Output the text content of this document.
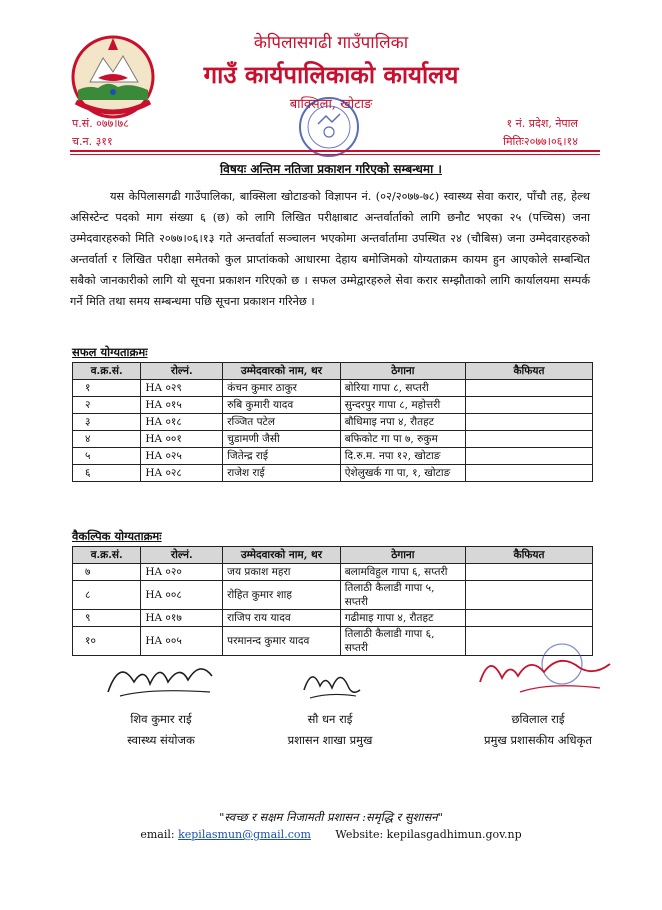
केपिलासगढी गाउँपालिका
गाउँ कार्यपालिकाको कार्यालय
बाक्सिला, खोटाङ
प.सं. ०७७।७८
च.न. ३११
१ नं. प्रदेश, नेपाल
मितिः२०७७।०६।१४
विषयः अन्तिम नतिजा प्रकाशन गरिएको सम्बन्धमा ।
यस केपिलासगढी गाउँपालिका, बाक्सिला खोटाङको विज्ञापन नं. (०२/२०७७-७८) स्वास्थ्य सेवा करार, पाँचौ तह, हेल्थ असिस्टेन्ट पदको माग संख्या ६ (छ) को लागि लिखित परीक्षाबाट अन्तर्वार्ताको लागि छनौट भएका २५ (पच्चिस) जना उम्मेदवारहरुको मिति २०७७।०६।१३ गते अन्तर्वार्ता सञ्चालन भएकोमा अन्तर्वार्तामा उपस्थित २४ (चौबिस) जना उम्मेदवारहरुको अन्तर्वार्ता र लिखित परीक्षा समेतको कुल प्राप्तांकको आधारमा देहाय बमोजिमको योग्यताक्रम कायम हुन आएकोले सम्बन्धित सबैको जानकारीको लागि यो सूचना प्रकाशन गरिएको छ । सफल उम्मेद्वारहरुले सेवा करार सम्झौताको लागि कार्यालयमा सम्पर्क गर्ने मिति तथा समय सम्बन्धमा पछि सूचना प्रकाशन गरिनेछ ।
सफल योग्यताक्रमः
व.क्र.सं.	रोल्नं.	उम्मेदवारको नाम, थर	ठेगाना	कैफियत
१	HA ०२९	कंचन कुमार ठाकुर	बोरिया गापा ८, सप्तरी	
२	HA ०१५	रुबि कुमारी यादव	सुन्दरपुर गापा ८, महोत्तरी	
३	HA ०१८	रञ्जित पटेल	बौधिमाइ नपा ४, रौतहट	
४	HA ००१	चुडामणी जैसी	बफिकोट गा पा ७, रुकुम	
५	HA ०२५	जितेन्द्र राई	दि.रु.म. नपा १२, खोटाङ	
६	HA ०२८	राजेश राई	ऐशेलुखर्क गा पा, १, खोटाङ	
वैकल्पिक योग्यताक्रमः
व.क्र.सं.	रोल्नं.	उम्मेदवारको नाम, थर	ठेगाना	कैफियत
७	HA ०२०	जय प्रकाश महरा	बलामविहुल गापा ६, सप्तरी	
८	HA ००८	रोहित कुमार शाह	तिलाठी कैलाडी गापा ५, सप्तरी	
९	HA ०१७	राजिप राय यादव	गढीमाइ गापा ४, रौतहट	
१०	HA ००५	परमानन्द कुमार यादव	तिलाठी कैलाडी गापा ६, सप्तरी	
शिव कुमार राई
स्वास्थ्य संयोजक
सौ धन राई
प्रशासन शाखा प्रमुख
छविलाल राई
प्रमुख प्रशासकीय अधिकृत
"स्वच्छ र सक्षम निजामती प्रशासन :समृद्धि र सुशासन"
email: kepilasmun@gmail.com Website: kepilasgadhimun.gov.np
